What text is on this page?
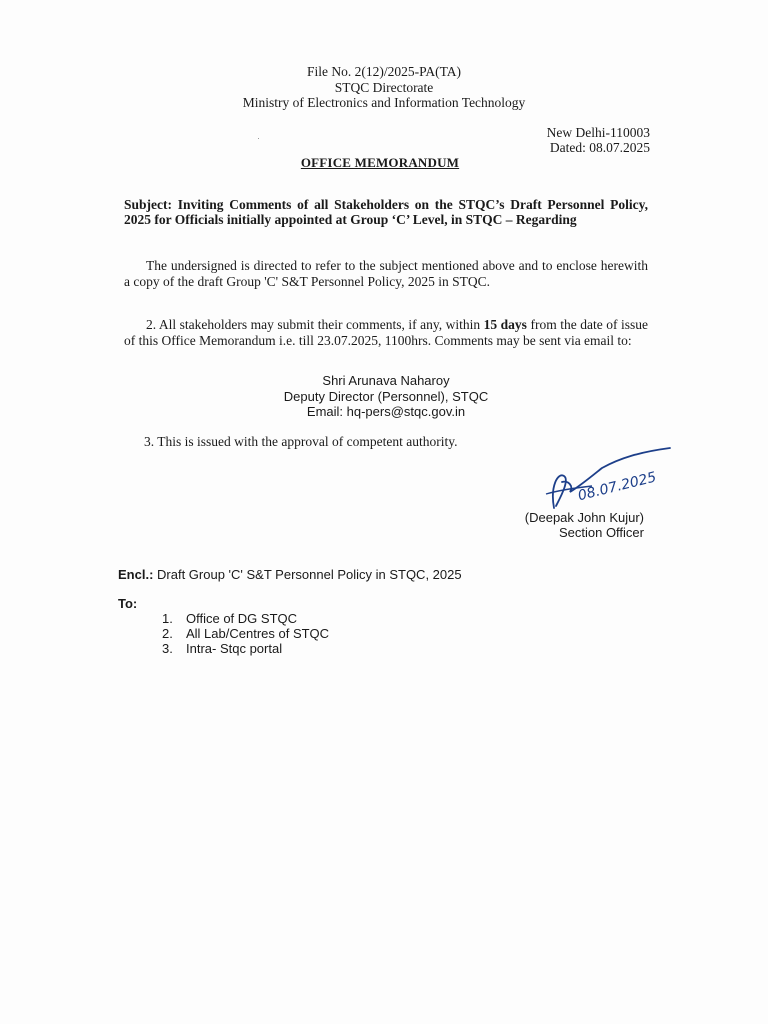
File No. 2(12)/2025-PA(TA)
STQC Directorate
Ministry of Electronics and Information Technology
New Delhi-110003
Dated: 08.07.2025
OFFICE MEMORANDUM
Subject: Inviting Comments of all Stakeholders on the STQC’s Draft Personnel Policy, 2025 for Officials initially appointed at Group ‘C’ Level, in STQC – Regarding
The undersigned is directed to refer to the subject mentioned above and to enclose herewith a copy of the draft Group 'C' S&T Personnel Policy, 2025 in STQC.
2. All stakeholders may submit their comments, if any, within 15 days from the date of issue of this Office Memorandum i.e. till 23.07.2025, 1100hrs. Comments may be sent via email to:
Shri Arunava Naharoy
Deputy Director (Personnel), STQC
Email: hq-pers@stqc.gov.in
3. This is issued with the approval of competent authority.
08.07.2025
(Deepak John Kujur)
Section Officer
Encl.: Draft Group 'C' S&T Personnel Policy in STQC, 2025
To:
1.	Office of DG STQC
2.	All Lab/Centres of STQC
3.	Intra- Stqc portal
